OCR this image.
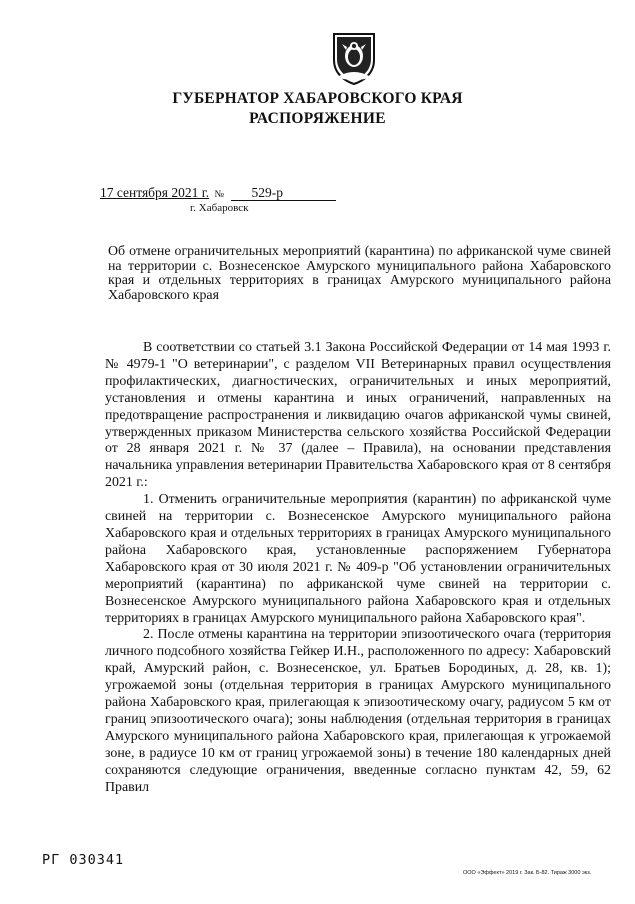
ГУБЕРНАТОР ХАБАРОВСКОГО КРАЯ
РАСПОРЯЖЕНИЕ
17 сентября 2021 г. № 529-р
г. Хабаровск
Об отмене ограничительных мероприятий (карантина) по африканской чуме свиней на территории с. Вознесенское Амурского муниципального района Хабаровского края и отдельных территориях в границах Амурского муниципального района Хабаровского края

В соответствии со статьей 3.1 Закона Российской Федерации от 14 мая 1993 г. № 4979-1 "О ветеринарии", с разделом VII Ветеринарных правил осуществления профилактических, диагностических, ограничительных и иных мероприятий, установления и отмены карантина и иных ограничений, направленных на предотвращение распространения и ликвидацию очагов африканской чумы свиней, утвержденных приказом Министерства сельского хозяйства Российской Федерации от 28 января 2021 г. № 37 (далее – Правила), на основании представления начальника управления ветеринарии Правительства Хабаровского края от 8 сентября 2021 г.:

1. Отменить ограничительные мероприятия (карантин) по африканской чуме свиней на территории с. Вознесенское Амурского муниципального района Хабаровского края и отдельных территориях в границах Амурского муниципального района Хабаровского края, установленные распоряжением Губернатора Хабаровского края от 30 июля 2021 г. № 409-р "Об установлении ограничительных мероприятий (карантина) по африканской чуме свиней на территории с. Вознесенское Амурского муниципального района Хабаровского края и отдельных территориях в границах Амурского муниципального района Хабаровского края".

2. После отмены карантина на территории эпизоотического очага (территория личного подсобного хозяйства Гейкер И.Н., расположенного по адресу: Хабаровский край, Амурский район, с. Вознесенское, ул. Братьев Бородиных, д. 28, кв. 1); угрожаемой зоны (отдельная территория в границах Амурского муниципального района Хабаровского края, прилегающая к эпизоотическому очагу, радиусом 5 км от границ эпизоотического очага); зоны наблюдения (отдельная территория в границах Амурского муниципального района Хабаровского края, прилегающая к угрожаемой зоне, в радиусе 10 км от границ угрожаемой зоны) в течение 180 календарных дней сохраняются следующие ограничения, введенные согласно пунктам 42, 59, 62 Правил

РГ 030341
ООО «Эффект» 2019 г. Зак. Б-82. Тираж 3000 экз.
